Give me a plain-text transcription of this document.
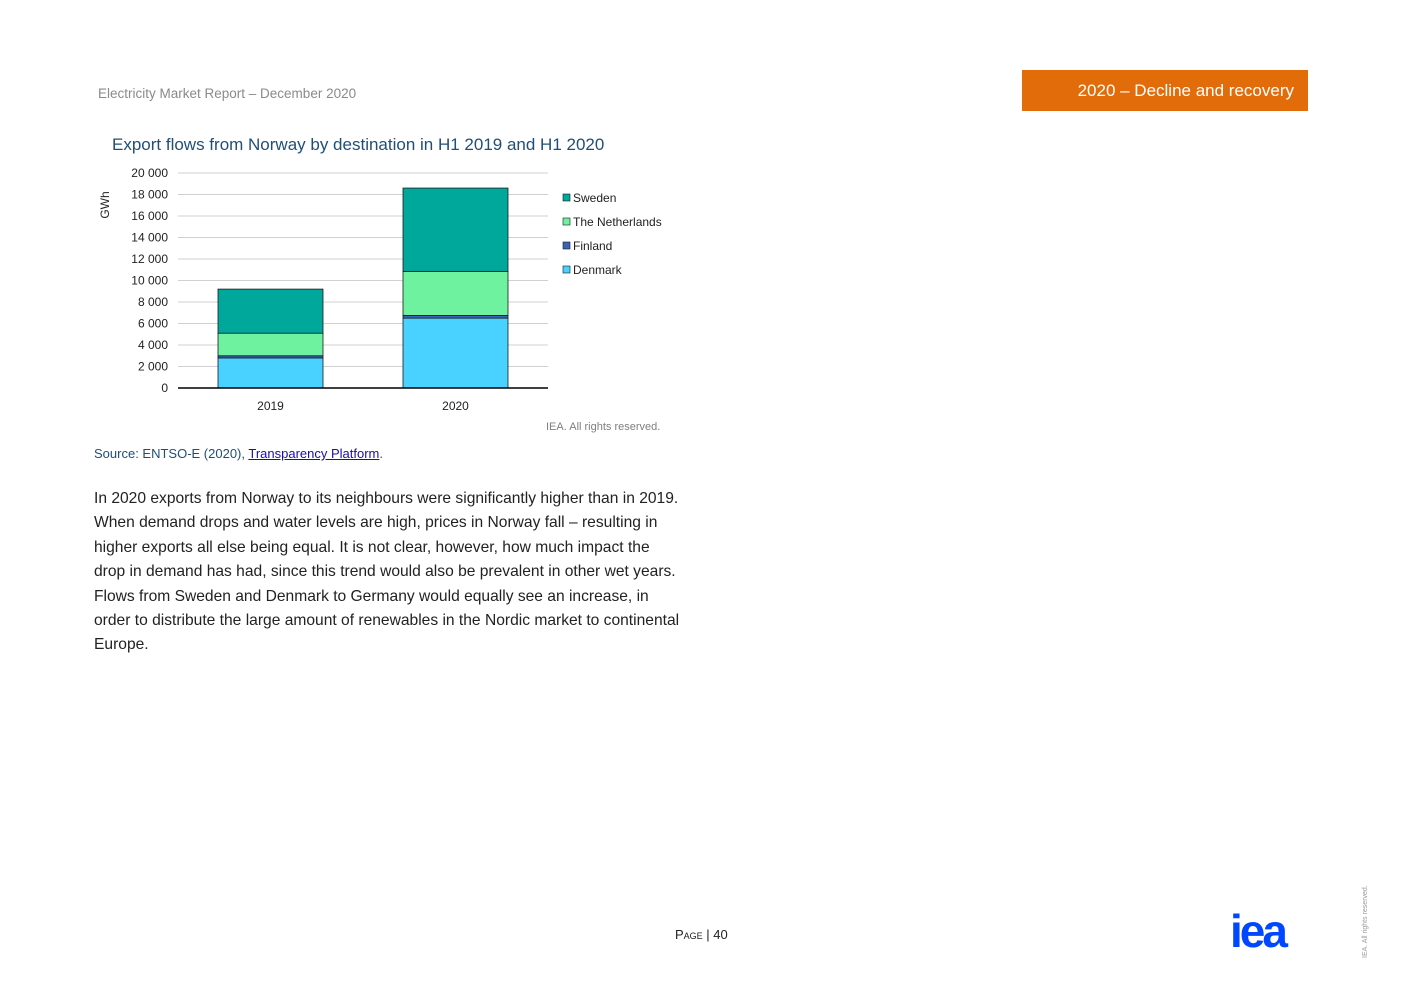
Electricity Market Report – December 2020	2020 – Decline and recovery
Export flows from Norway by destination in H1 2019 and H1 2020
0
2 000
4 000
6 000
8 000
10 000
12 000
14 000
16 000
18 000
20 000
GWh
2019	2020
Sweden
The Netherlands
Finland
Denmark
IEA. All rights reserved.
Source: ENTSO-E (2020), Transparency Platform.

In 2020 exports from Norway to its neighbours were significantly higher than in 2019. When demand drops and water levels are high, prices in Norway fall – resulting in higher exports all else being equal. It is not clear, however, how much impact the drop in demand has had, since this trend would also be prevalent in other wet years. Flows from Sweden and Denmark to Germany would equally see an increase, in order to distribute the large amount of renewables in the Nordic market to continental Europe.

Page | 40	IEA. All rights reserved.
iea
